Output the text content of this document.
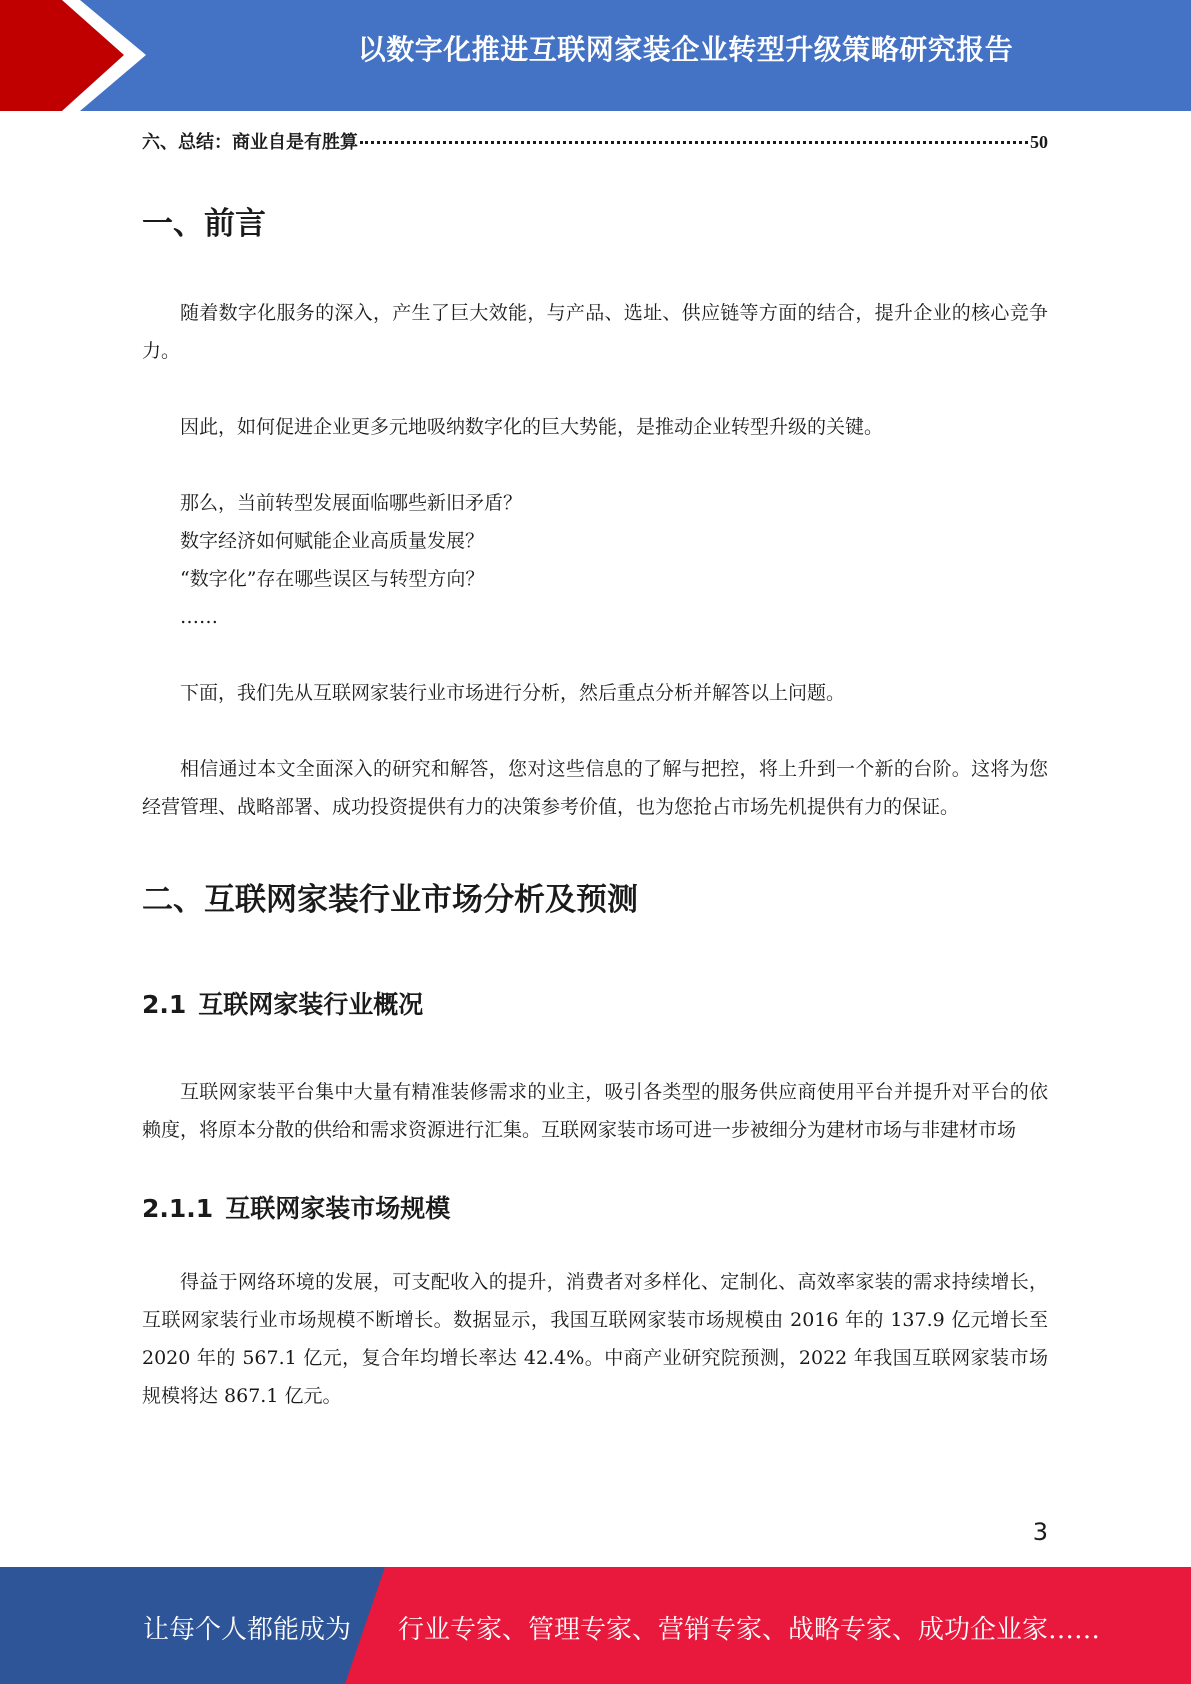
以数字化推进互联网家装企业转型升级策略研究报告
六、总结：商业自是有胜算	50
一、前言

随着数字化服务的深入，产生了巨大效能，与产品、选址、供应链等方面的结合，提升企业的核心竞争力。

因此，如何促进企业更多元地吸纳数字化的巨大势能，是推动企业转型升级的关键。

那么，当前转型发展面临哪些新旧矛盾？
数字经济如何赋能企业高质量发展？
“数字化”存在哪些误区与转型方向？
……

下面，我们先从互联网家装行业市场进行分析，然后重点分析并解答以上问题。

相信通过本文全面深入的研究和解答，您对这些信息的了解与把控，将上升到一个新的台阶。这将为您经营管理、战略部署、成功投资提供有力的决策参考价值，也为您抢占市场先机提供有力的保证。

二、互联网家装行业市场分析及预测
2.1 互联网家装行业概况

互联网家装平台集中大量有精准装修需求的业主，吸引各类型的服务供应商使用平台并提升对平台的依赖度，将原本分散的供给和需求资源进行汇集。互联网家装市场可进一步被细分为建材市场与非建材市场

2.1.1 互联网家装市场规模

得益于网络环境的发展，可支配收入的提升，消费者对多样化、定制化、高效率家装的需求持续增长，互联网家装行业市场规模不断增长。数据显示，我国互联网家装市场规模由 2016 年的 137.9 亿元增长至 2020 年的 567.1 亿元，复合年均增长率达 42.4%。中商产业研究院预测，2022 年我国互联网家装市场规模将达 867.1 亿元。

3
让每个人都能成为 行业专家、管理专家、营销专家、战略专家、成功企业家……
